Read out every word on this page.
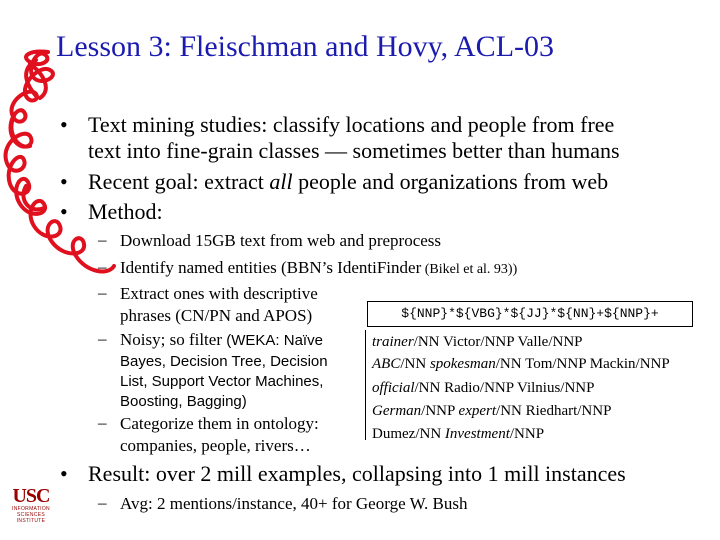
Lesson 3: Fleischman and Hovy, ACL-03
• Text mining studies: classify locations and people from free
text into fine-grain classes — sometimes better than humans
• Recent goal: extract all people and organizations from web
• Method:
– Download 15GB text from web and preprocess
– Identify named entities (BBN’s IdentiFinder (Bikel et al. 93))
– Extract ones with descriptive
phrases (CN/PN and APOS)
– Noisy; so filter (WEKA: Naïve
Bayes, Decision Tree, Decision
List, Support Vector Machines,
Boosting, Bagging)
– Categorize them in ontology:
companies, people, rivers…
${NNP}*${VBG}*${JJ}*${NN}+${NNP}+
trainer/NN Victor/NNP Valle/NNP
ABC/NN spokesman/NN Tom/NNP Mackin/NNP
official/NN Radio/NNP Vilnius/NNP
German/NNP expert/NN Riedhart/NNP
Dumez/NN Investment/NNP
• Result: over 2 mill examples, collapsing into 1 mill instances
– Avg: 2 mentions/instance, 40+ for George W. Bush
USC
INFORMATION
SCIENCES
INSTITUTE
